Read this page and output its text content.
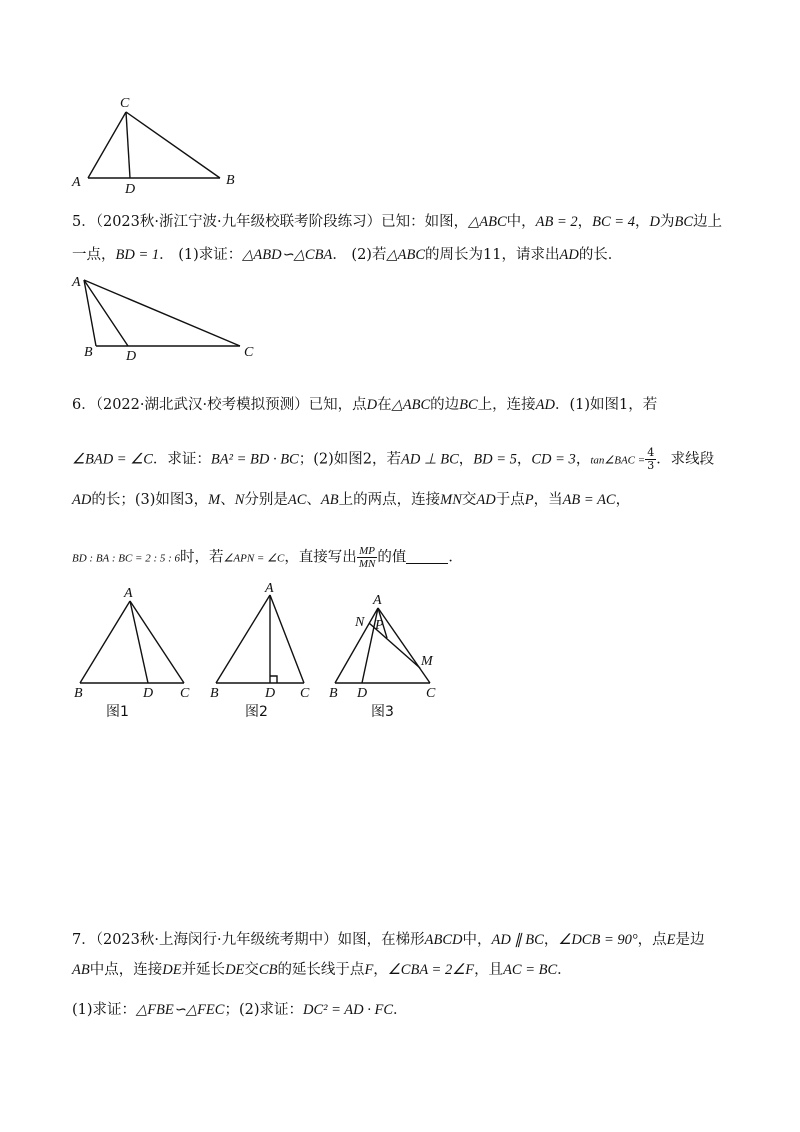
C
A	D
B
5．（2023秋·浙江宁波·九年级校联考阶段练习）已知：如图，△ABC中，AB = 2，BC = 4，D为BC边上
一点，BD = 1． (1)求证：△ABD∽△CBA． (2)若△ABC的周长为11，请求出AD的长．
A
B D	C
6．（2022·湖北武汉·校考模拟预测）已知，点D在△ABC的边BC上，连接AD．(1)如图1，若
∠BAD = ∠C．求证：BA² = BD · BC；(2)如图2，若AD ⊥ BC，BD = 5，CD = 3，tan∠BAC = $\frac{4}{3}$ ．求线段
AD的长；(3)如图3，M、N分别是AC、AB上的两点，连接MN交AD于点P，当AB = AC，
BD : BA : BC = 2 : 5 : 6时，若∠APN = ∠C，直接写出 $\frac{MP}{MN}$ 的值	．
A
B	D C
图1
A
B	D C
图2
A
N P
M
B D	C
图3
7．（2023秋·上海闵行·九年级统考期中）如图，在梯形ABCD中，AD ∥ BC，∠DCB = 90°，点E是边
AB中点，连接DE并延长DE交CB的延长线于点F，∠CBA = 2∠F，且AC = BC．
(1)求证：△FBE∽△FEC；(2)求证：DC² = AD · FC．
